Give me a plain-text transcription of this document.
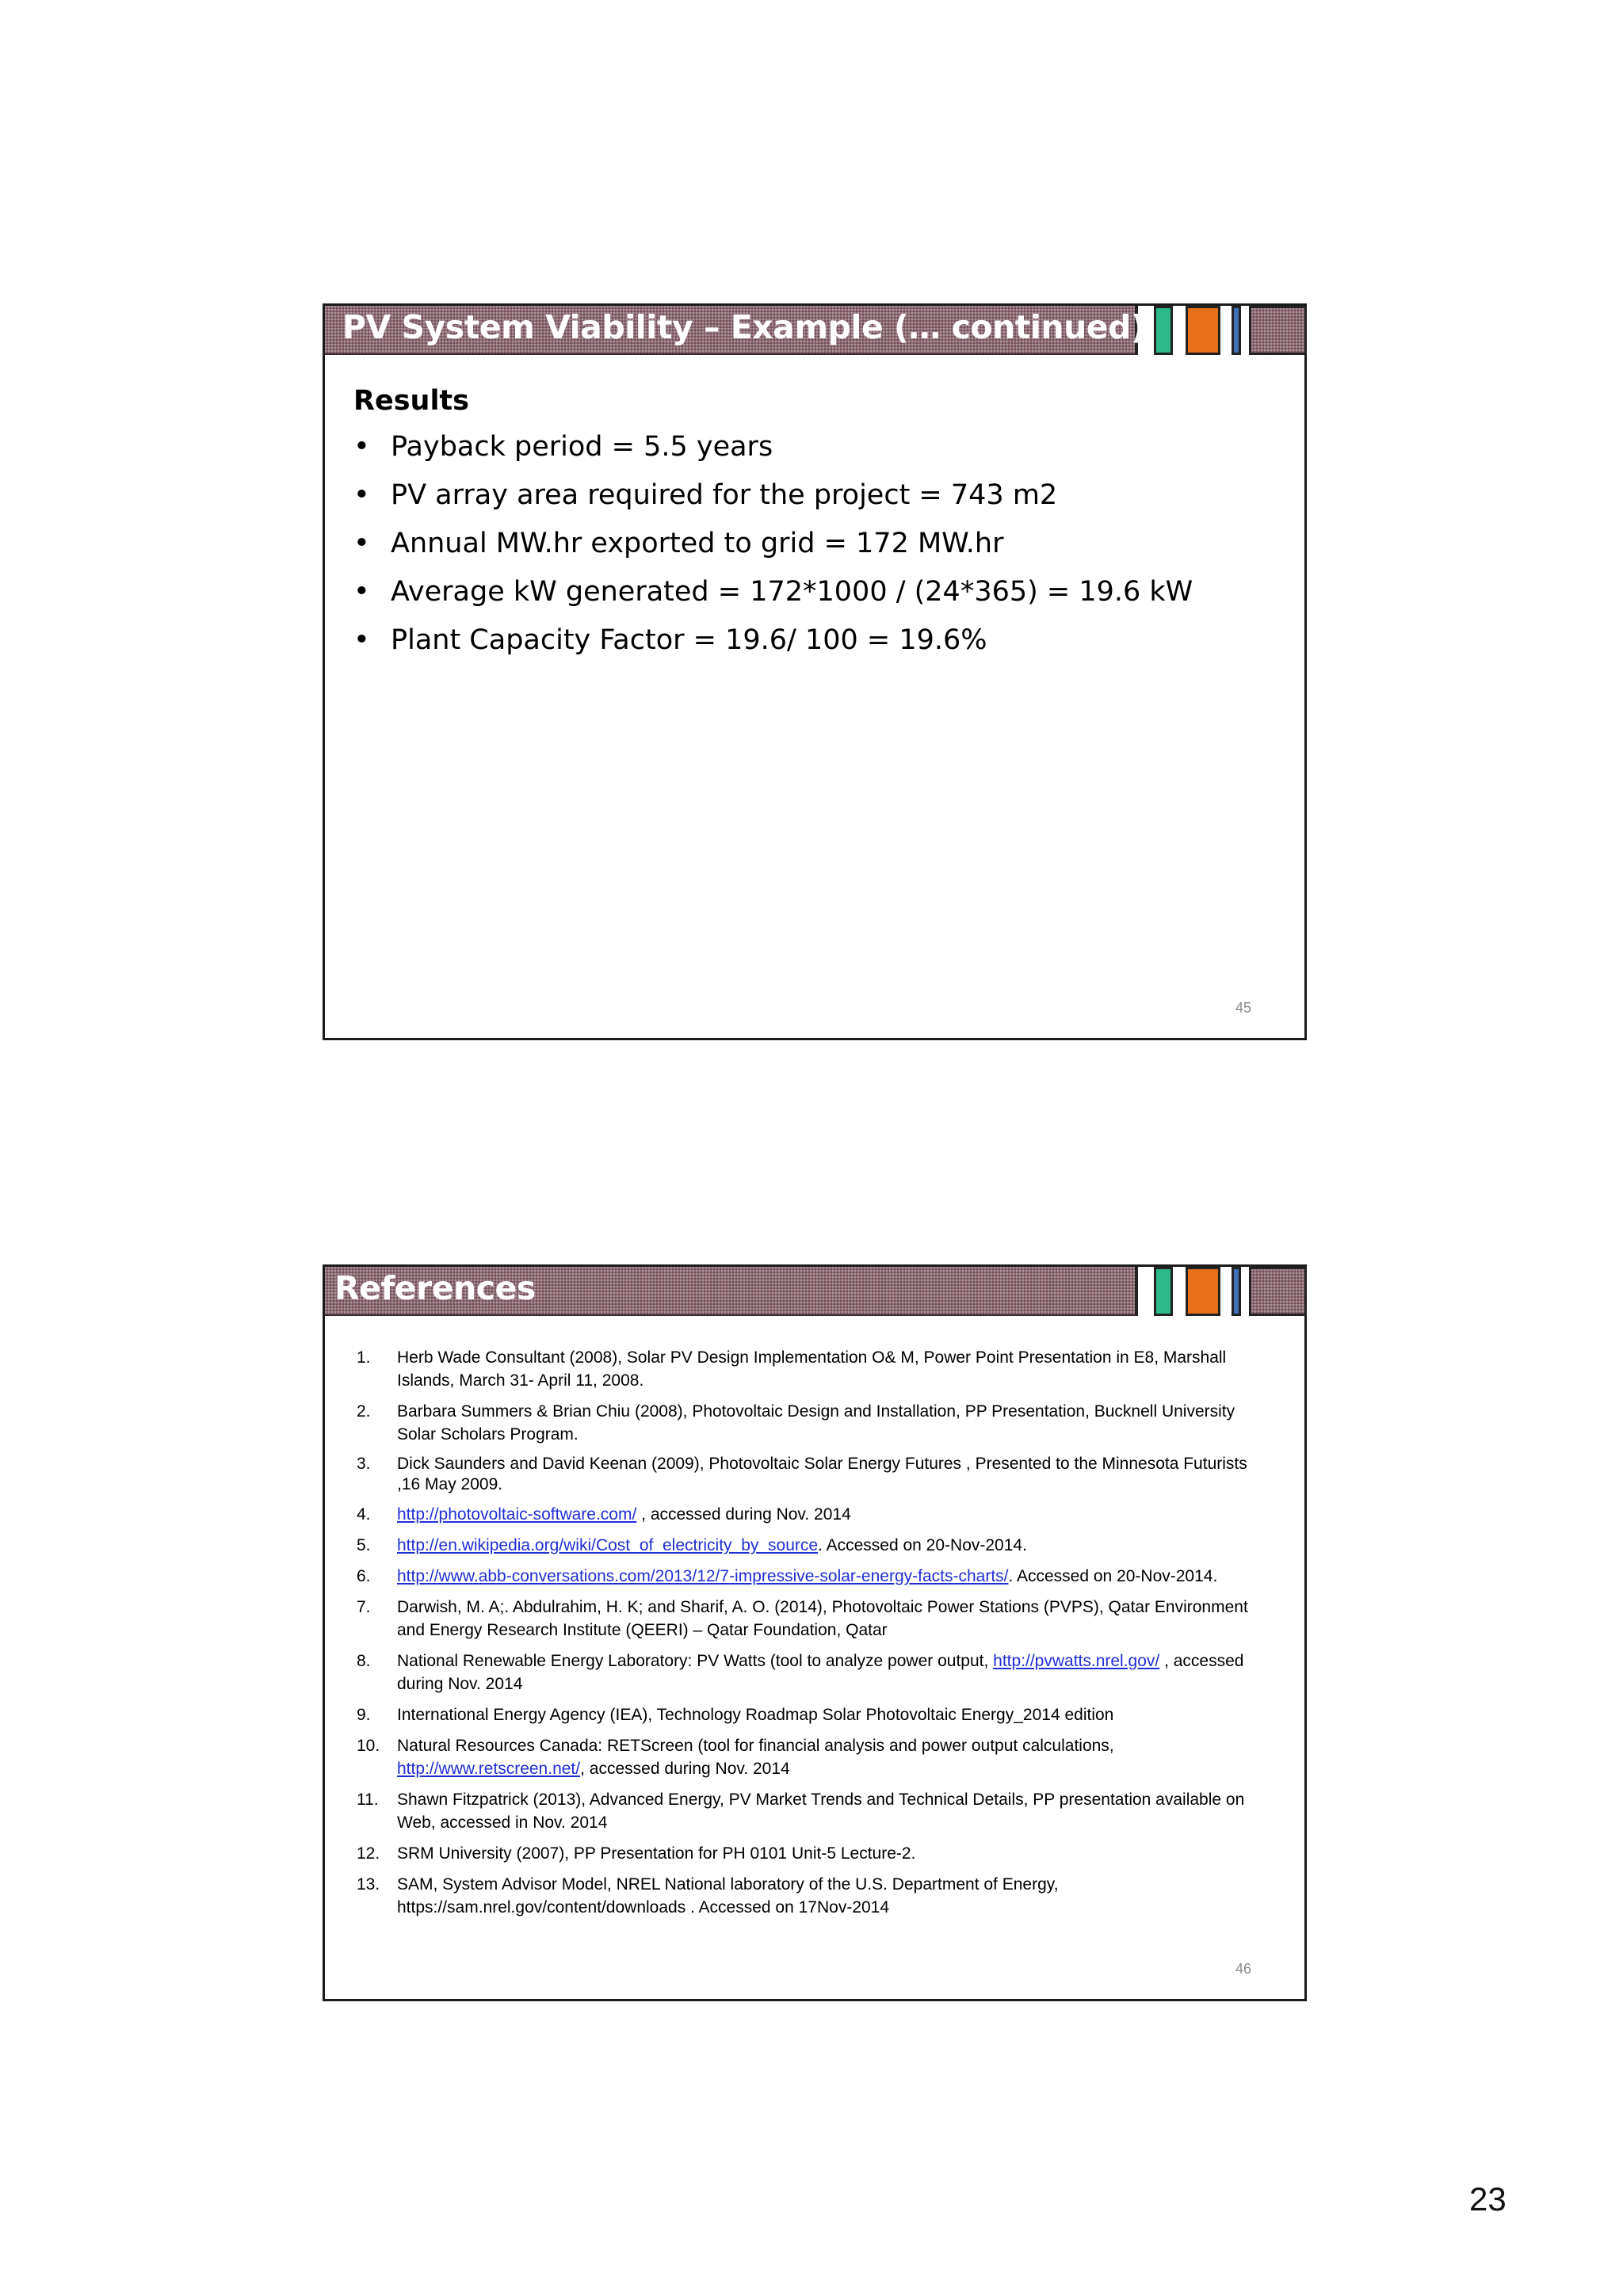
PV System Viability – Example (… continued)
Results
• Payback period = 5.5 years
• PV array area required for the project = 743 m2
• Annual MW.hr exported to grid = 172 MW.hr
• Average kW generated = 172*1000 / (24*365) = 19.6 kW
• Plant Capacity Factor = 19.6/ 100 = 19.6%
45
References
1.	Herb Wade Consultant (2008), Solar PV Design Implementation O& M, Power Point Presentation in E8, Marshall Islands, March 31- April 11, 2008.
2.	Barbara Summers & Brian Chiu (2008), Photovoltaic Design and Installation, PP Presentation, Bucknell University Solar Scholars Program.
3.	Dick Saunders and David Keenan (2009), Photovoltaic Solar Energy Futures , Presented to the Minnesota Futurists ,16 May 2009.
4.	http://photovoltaic-software.com/ , accessed during Nov. 2014
5.	http://en.wikipedia.org/wiki/Cost_of_electricity_by_source. Accessed on 20-Nov-2014.
6.	http://www.abb-conversations.com/2013/12/7-impressive-solar-energy-facts-charts/. Accessed on 20-Nov-2014.
7.	Darwish, M. A;. Abdulrahim, H. K; and Sharif, A. O. (2014), Photovoltaic Power Stations (PVPS), Qatar Environment and Energy Research Institute (QEERI) – Qatar Foundation, Qatar
8.	National Renewable Energy Laboratory: PV Watts (tool to analyze power output, http://pvwatts.nrel.gov/ , accessed during Nov. 2014
9.	International Energy Agency (IEA), Technology Roadmap Solar Photovoltaic Energy_2014 edition
10.	Natural Resources Canada: RETScreen (tool for financial analysis and power output calculations, http://www.retscreen.net/, accessed during Nov. 2014
11.	Shawn Fitzpatrick (2013), Advanced Energy, PV Market Trends and Technical Details, PP presentation available on Web, accessed in Nov. 2014
12.	SRM University (2007), PP Presentation for PH 0101 Unit-5 Lecture-2.
13.	SAM, System Advisor Model, NREL National laboratory of the U.S. Department of Energy, https://sam.nrel.gov/content/downloads . Accessed on 17Nov-2014
46
23
